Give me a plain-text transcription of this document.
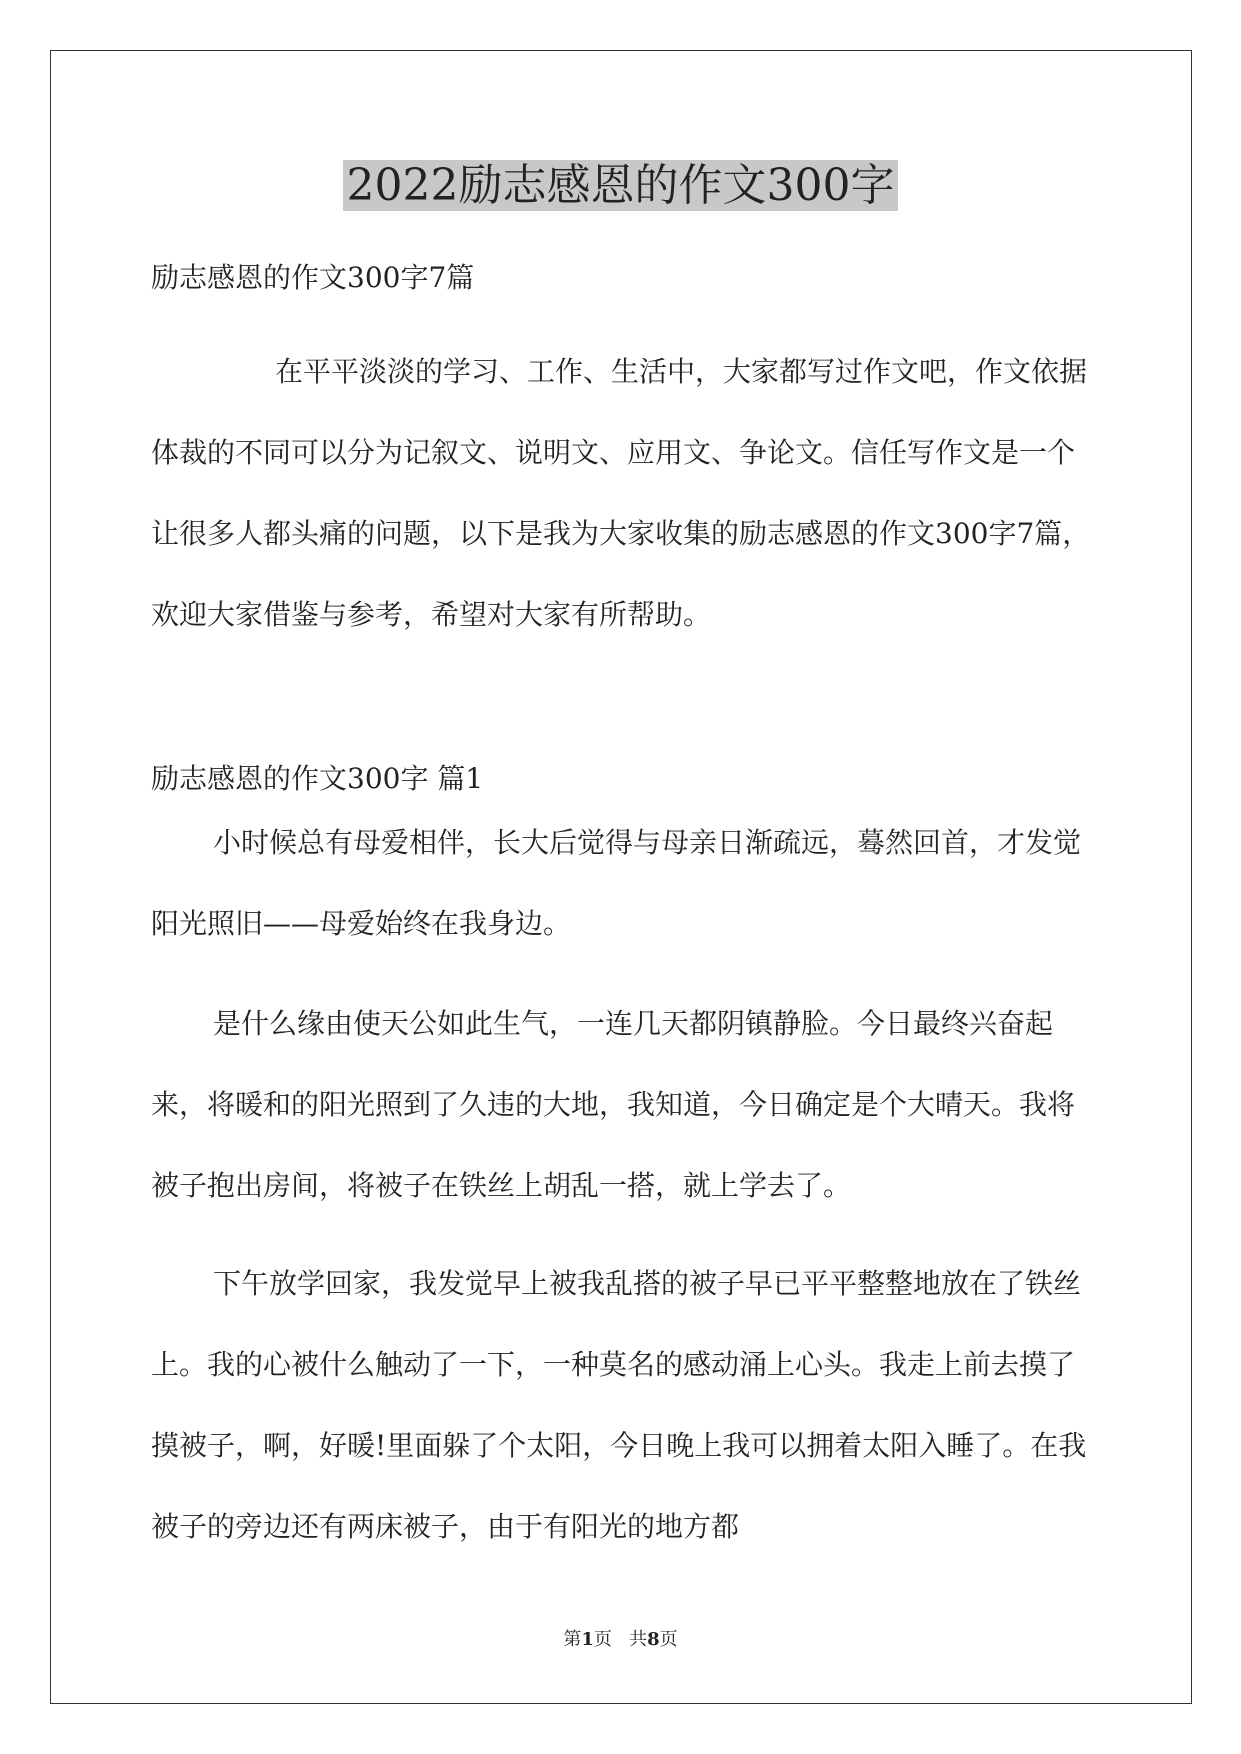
2022励志感恩的作文300字

励志感恩的作文300字7篇

在平平淡淡的学习、工作、生活中，大家都写过作文吧，作文依据体裁的不同可以分为记叙文、说明文、应用文、争论文。信任写作文是一个让很多人都头痛的问题，以下是我为大家收集的励志感恩的作文300字7篇，欢迎大家借鉴与参考，希望对大家有所帮助。

励志感恩的作文300字 篇1

小时候总有母爱相伴，长大后觉得与母亲日渐疏远，蓦然回首，才发觉阳光照旧——母爱始终在我身边。

是什么缘由使天公如此生气，一连几天都阴镇静脸。今日最终兴奋起来，将暖和的阳光照到了久违的大地，我知道，今日确定是个大晴天。我将被子抱出房间，将被子在铁丝上胡乱一搭，就上学去了。

下午放学回家，我发觉早上被我乱搭的被子早已平平整整地放在了铁丝上。我的心被什么触动了一下，一种莫名的感动涌上心头。我走上前去摸了摸被子，啊，好暖!里面躲了个太阳，今日晚上我可以拥着太阳入睡了。在我被子的旁边还有两床被子，由于有阳光的地方都

第1页 共8页
